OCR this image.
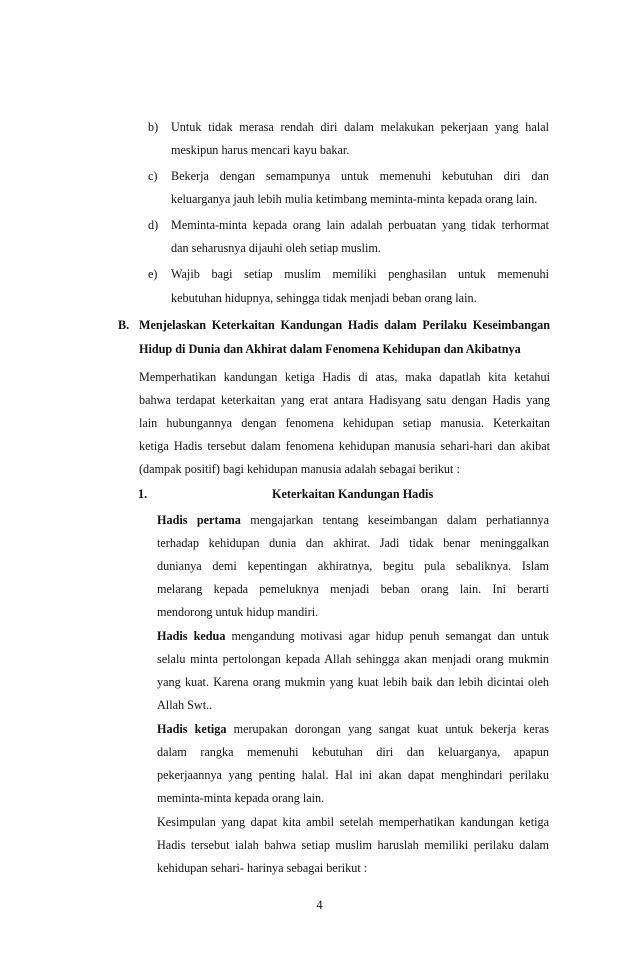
b) Untuk tidak merasa rendah diri dalam melakukan pekerjaan yang halal
meskipun harus mencari kayu bakar.
c) Bekerja dengan semampunya untuk memenuhi kebutuhan diri dan
keluarganya jauh lebih mulia ketimbang meminta-minta kepada orang lain.
d) Meminta-minta kepada orang lain adalah perbuatan yang tidak terhormat
dan seharusnya dijauhi oleh setiap muslim.
e) Wajib bagi setiap muslim memiliki penghasilan untuk memenuhi
kebutuhan hidupnya, sehingga tidak menjadi beban orang lain.
B. Menjelaskan Keterkaitan Kandungan Hadis dalam Perilaku Keseimbangan
Hidup di Dunia dan Akhirat dalam Fenomena Kehidupan dan Akibatnya
Memperhatikan kandungan ketiga Hadis di atas, maka dapatlah kita ketahui
bahwa terdapat keterkaitan yang erat antara Hadisyang satu dengan Hadis yang
lain hubungannya dengan fenomena kehidupan setiap manusia. Keterkaitan
ketiga Hadis tersebut dalam fenomena kehidupan manusia sehari-hari dan akibat
(dampak positif) bagi kehidupan manusia adalah sebagai berikut :
1.	Keterkaitan Kandungan Hadis
Hadis pertama mengajarkan tentang keseimbangan dalam perhatiannya
terhadap kehidupan dunia dan akhirat. Jadi tidak benar meninggalkan
dunianya demi kepentingan akhiratnya, begitu pula sebaliknya. Islam
melarang kepada pemeluknya menjadi beban orang lain. Ini berarti
mendorong untuk hidup mandiri.
Hadis kedua mengandung motivasi agar hidup penuh semangat dan untuk
selalu minta pertolongan kepada Allah sehingga akan menjadi orang mukmin
yang kuat. Karena orang mukmin yang kuat lebih baik dan lebih dicintai oleh
Allah Swt..
Hadis ketiga merupakan dorongan yang sangat kuat untuk bekerja keras
dalam rangka memenuhi kebutuhan diri dan keluarganya, apapun
pekerjaannya yang penting halal. Hal ini akan dapat menghindari perilaku
meminta-minta kepada orang lain.
Kesimpulan yang dapat kita ambil setelah memperhatikan kandungan ketiga
Hadis tersebut ialah bahwa setiap muslim haruslah memiliki perilaku dalam
kehidupan sehari- harinya sebagai berikut :
4
